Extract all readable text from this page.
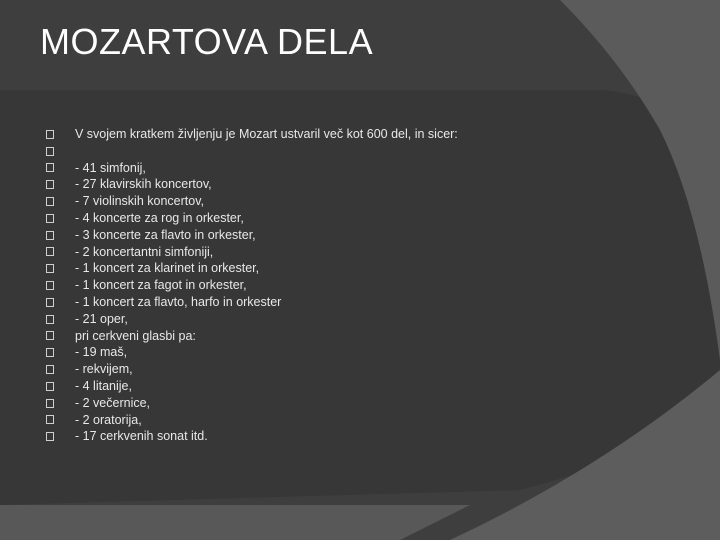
MOZARTOVA DELA
V svojem kratkem življenju je Mozart ustvaril več kot 600 del, in sicer:
- 41 simfonij,
- 27 klavirskih koncertov,
- 7 violinskih koncertov,
- 4 koncerte za rog in orkester,
- 3 koncerte za flavto in orkester,
- 2 koncertantni simfoniji,
- 1 koncert za klarinet in orkester,
- 1 koncert za fagot in orkester,
- 1 koncert za flavto, harfo in orkester
- 21 oper,
pri cerkveni glasbi pa:
- 19 maš,
- rekvijem,
- 4 litanije,
- 2 večernice,
- 2 oratorija,
- 17 cerkvenih sonat itd.
